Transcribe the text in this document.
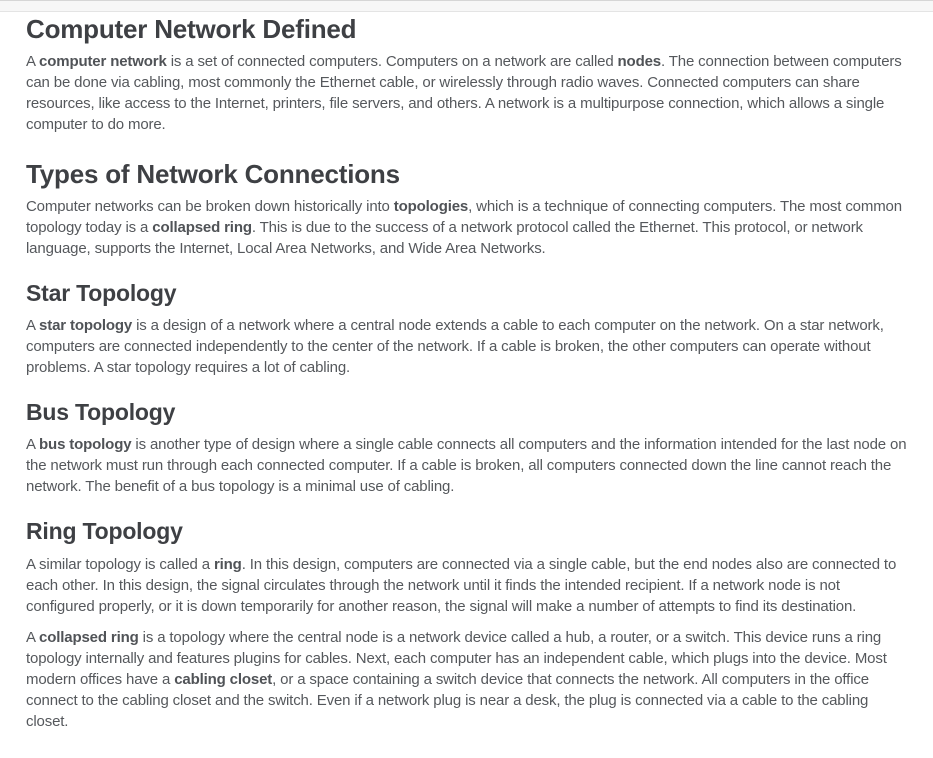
Computer Network Defined

A computer network is a set of connected computers. Computers on a network are called nodes. The connection between computers can be done via cabling, most commonly the Ethernet cable, or wirelessly through radio waves. Connected computers can share resources, like access to the Internet, printers, file servers, and others. A network is a multipurpose connection, which allows a single computer to do more.

Types of Network Connections

Computer networks can be broken down historically into topologies, which is a technique of connecting computers. The most common topology today is a collapsed ring. This is due to the success of a network protocol called the Ethernet. This protocol, or network language, supports the Internet, Local Area Networks, and Wide Area Networks.

Star Topology

A star topology is a design of a network where a central node extends a cable to each computer on the network. On a star network, computers are connected independently to the center of the network. If a cable is broken, the other computers can operate without problems. A star topology requires a lot of cabling.

Bus Topology

A bus topology is another type of design where a single cable connects all computers and the information intended for the last node on the network must run through each connected computer. If a cable is broken, all computers connected down the line cannot reach the network. The benefit of a bus topology is a minimal use of cabling.

Ring Topology

A similar topology is called a ring. In this design, computers are connected via a single cable, but the end nodes also are connected to each other. In this design, the signal circulates through the network until it finds the intended recipient. If a network node is not configured properly, or it is down temporarily for another reason, the signal will make a number of attempts to find its destination.

A collapsed ring is a topology where the central node is a network device called a hub, a router, or a switch. This device runs a ring topology internally and features plugins for cables. Next, each computer has an independent cable, which plugs into the device. Most modern offices have a cabling closet, or a space containing a switch device that connects the network. All computers in the office connect to the cabling closet and the switch. Even if a network plug is near a desk, the plug is connected via a cable to the cabling closet.
